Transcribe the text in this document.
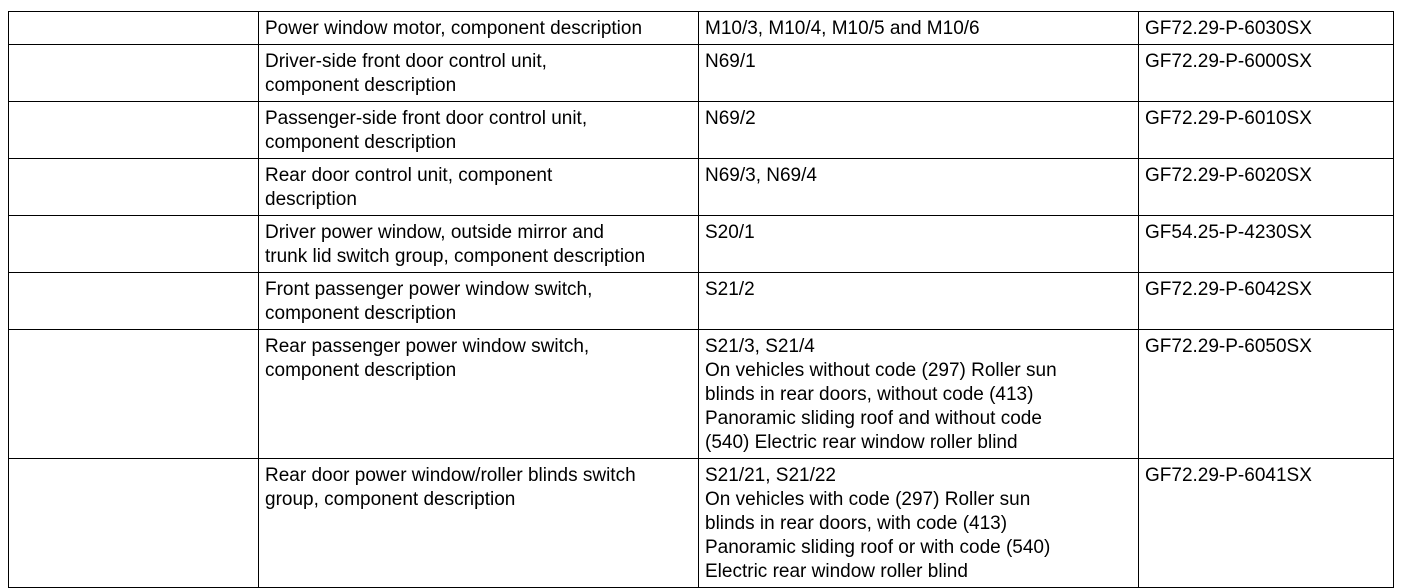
	Power window motor, component description	M10/3, M10/4, M10/5 and M10/6	GF72.29-P-6030SX

	Driver-side front door control unit,
component description	N69/1	GF72.29-P-6000SX

	Passenger-side front door control unit,
component description	N69/2	GF72.29-P-6010SX

	Rear door control unit, component
description	N69/3, N69/4	GF72.29-P-6020SX

	Driver power window, outside mirror and
trunk lid switch group, component description	S20/1	GF54.25-P-4230SX

	Front passenger power window switch,
component description	S21/2	GF72.29-P-6042SX

	Rear passenger power window switch,
component description	S21/3, S21/4
On vehicles without code (297) Roller sun
blinds in rear doors, without code (413)
Panoramic sliding roof and without code
(540) Electric rear window roller blind	GF72.29-P-6050SX

	Rear door power window/roller blinds switch
group, component description	S21/21, S21/22
On vehicles with code (297) Roller sun
blinds in rear doors, with code (413)
Panoramic sliding roof or with code (540)
Electric rear window roller blind	GF72.29-P-6041SX
